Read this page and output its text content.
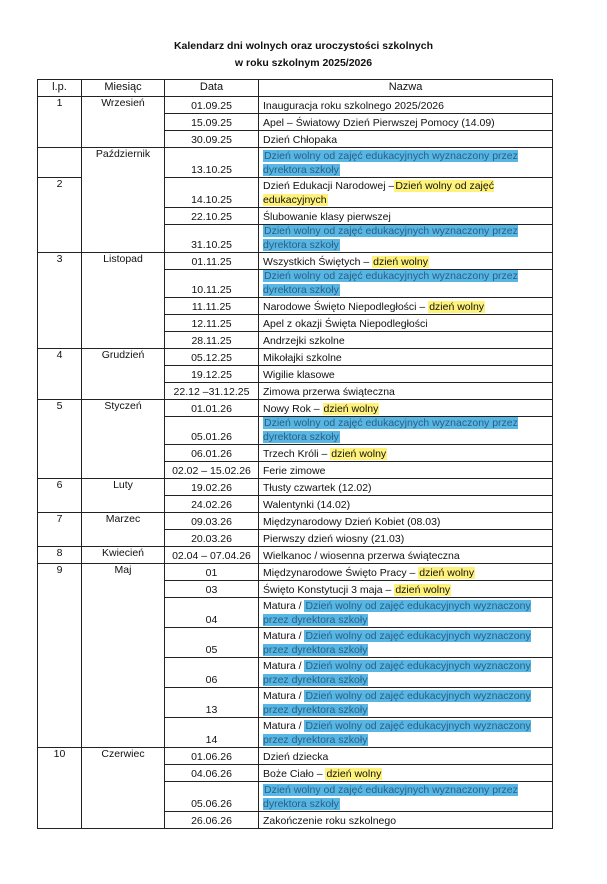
Kalendarz dni wolnych oraz uroczystości szkolnych
w roku szkolnym 2025/2026
l.p.	Miesiąc	Data	Nazwa
1	Wrzesień	01.09.25	Inauguracja roku szkolnego 2025/2026
		15.09.25	Apel – Światowy Dzień Pierwszej Pomocy (14.09)
		30.09.25	Dzień Chłopaka
	Październik	13.10.25	Dzień wolny od zajęć edukacyjnych wyznaczony przez dyrektora szkoły
2		14.10.25	Dzień Edukacji Narodowej –Dzień wolny od zajęć edukacyjnych
		22.10.25	Ślubowanie klasy pierwszej
		31.10.25	Dzień wolny od zajęć edukacyjnych wyznaczony przez dyrektora szkoły
3	Listopad	01.11.25	Wszystkich Świętych – dzień wolny
		10.11.25	Dzień wolny od zajęć edukacyjnych wyznaczony przez dyrektora szkoły
		11.11.25	Narodowe Święto Niepodległości – dzień wolny
		12.11.25	Apel z okazji Święta Niepodległości
		28.11.25	Andrzejki szkolne
4	Grudzień	05.12.25	Mikołajki szkolne
		19.12.25	Wigilie klasowe
		22.12 –31.12.25	Zimowa przerwa świąteczna
5	Styczeń	01.01.26	Nowy Rok – dzień wolny
		05.01.26	Dzień wolny od zajęć edukacyjnych wyznaczony przez dyrektora szkoły
		06.01.26	Trzech Króli – dzień wolny
		02.02 – 15.02.26	Ferie zimowe
6	Luty	19.02.26	Tłusty czwartek (12.02)
		24.02.26	Walentynki (14.02)
7	Marzec	09.03.26	Międzynarodowy Dzień Kobiet (08.03)
		20.03.26	Pierwszy dzień wiosny (21.03)
8	Kwiecień	02.04 – 07.04.26	Wielkanoc / wiosenna przerwa świąteczna
9	Maj	01	Międzynarodowe Święto Pracy – dzień wolny
		03	Święto Konstytucji 3 maja – dzień wolny
		04	Matura / Dzień wolny od zajęć edukacyjnych wyznaczony przez dyrektora szkoły
		05	Matura / Dzień wolny od zajęć edukacyjnych wyznaczony przez dyrektora szkoły
		06	Matura / Dzień wolny od zajęć edukacyjnych wyznaczony przez dyrektora szkoły
		13	Matura / Dzień wolny od zajęć edukacyjnych wyznaczony przez dyrektora szkoły
		14	Matura / Dzień wolny od zajęć edukacyjnych wyznaczony przez dyrektora szkoły
10	Czerwiec	01.06.26	Dzień dziecka
		04.06.26	Boże Ciało – dzień wolny
		05.06.26	Dzień wolny od zajęć edukacyjnych wyznaczony przez dyrektora szkoły
		26.06.26	Zakończenie roku szkolnego
